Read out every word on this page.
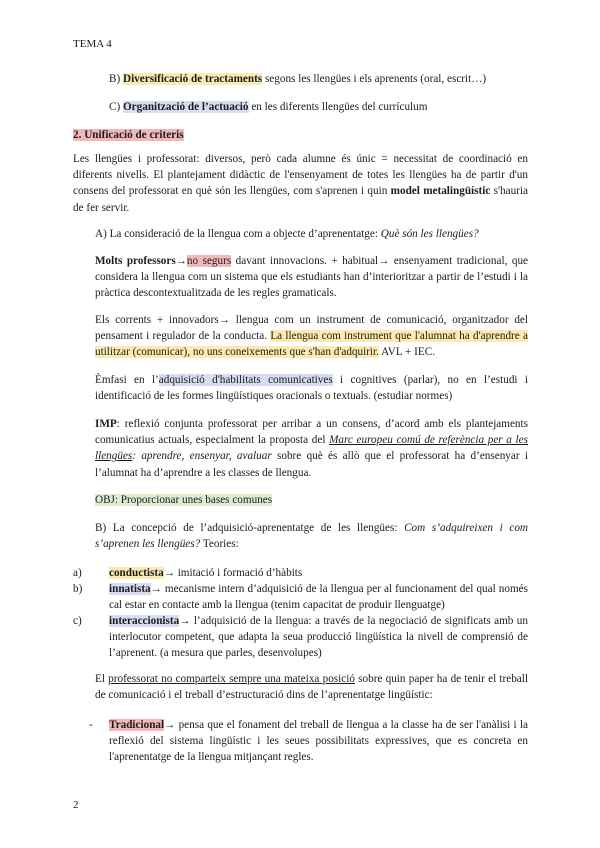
TEMA 4
B) Diversificació de tractaments segons les llengües i els aprenents (oral, escrit…)
C) Organització de l’actuació en les diferents llengües del currículum
2. Unificació de criteris
Les llengües i professorat: diversos, però cada alumne és únic = necessitat de coordinació en diferents nivells. El plantejament didàctic de l'ensenyament de totes les llengües ha de partir d'un consens del professorat en què són les llengües, com s'aprenen i quin model metalingüístic s'hauria de fer servir.
A) La consideració de la llengua com a objecte d’aprenentatge: Què són les llengües?
Molts professors→no segurs davant innovacions. + habitual→ ensenyament tradicional, que considera la llengua com un sistema que els estudiants han d’interioritzar a partir de l’estudi i la pràctica descontextualitzada de les regles gramaticals.
Els corrents + innovadors→ llengua com un instrument de comunicació, organitzador del pensament i regulador de la conducta. La llengua com instrument que l'alumnat ha d'aprendre a utilitzar (comunicar), no uns coneixements que s'han d'adquirir. AVL + IEC.
Èmfasi en l’adquisició d'habilitats comunicatives i cognitives (parlar), no en l’estudi i identificació de les formes lingüístiques oracionals o textuals. (estudiar normes)
IMP: reflexió conjunta professorat per arribar a un consens, d’acord amb els plantejaments comunicatius actuals, especialment la proposta del Marc europeu comú de referència per a les llengües: aprendre, ensenyar, avaluar sobre què és allò que el professorat ha d’ensenyar i l’alumnat ha d’aprendre a les classes de llengua.
OBJ: Proporcionar unes bases comunes
B) La concepció de l’adquisició-aprenentatge de les llengües: Com s’adquireixen i com s’aprenen les llengües? Teories:
a) conductista→ imitació i formació d’hàbits
b) innatista→ mecanisme intern d’adquisició de la llengua per al funcionament del qual només cal estar en contacte amb la llengua (tenim capacitat de produir llenguatge)
c) interaccionista→ l’adquisició de la llengua: a través de la negociació de significats amb un interlocutor competent, que adapta la seua producció lingüística la nivell de comprensió de l’aprenent. (a mesura que parles, desenvolupes)
El professorat no comparteix sempre una mateixa posició sobre quin paper ha de tenir el treball de comunicació i el treball d’estructuració dins de l’aprenentatge lingüístic:
- Tradicional→ pensa que el fonament del treball de llengua a la classe ha de ser l'anàlisi i la reflexió del sistema lingüístic i les seues possibilitats expressives, que es concreta en l'aprenentatge de la llengua mitjançant regles.
2
